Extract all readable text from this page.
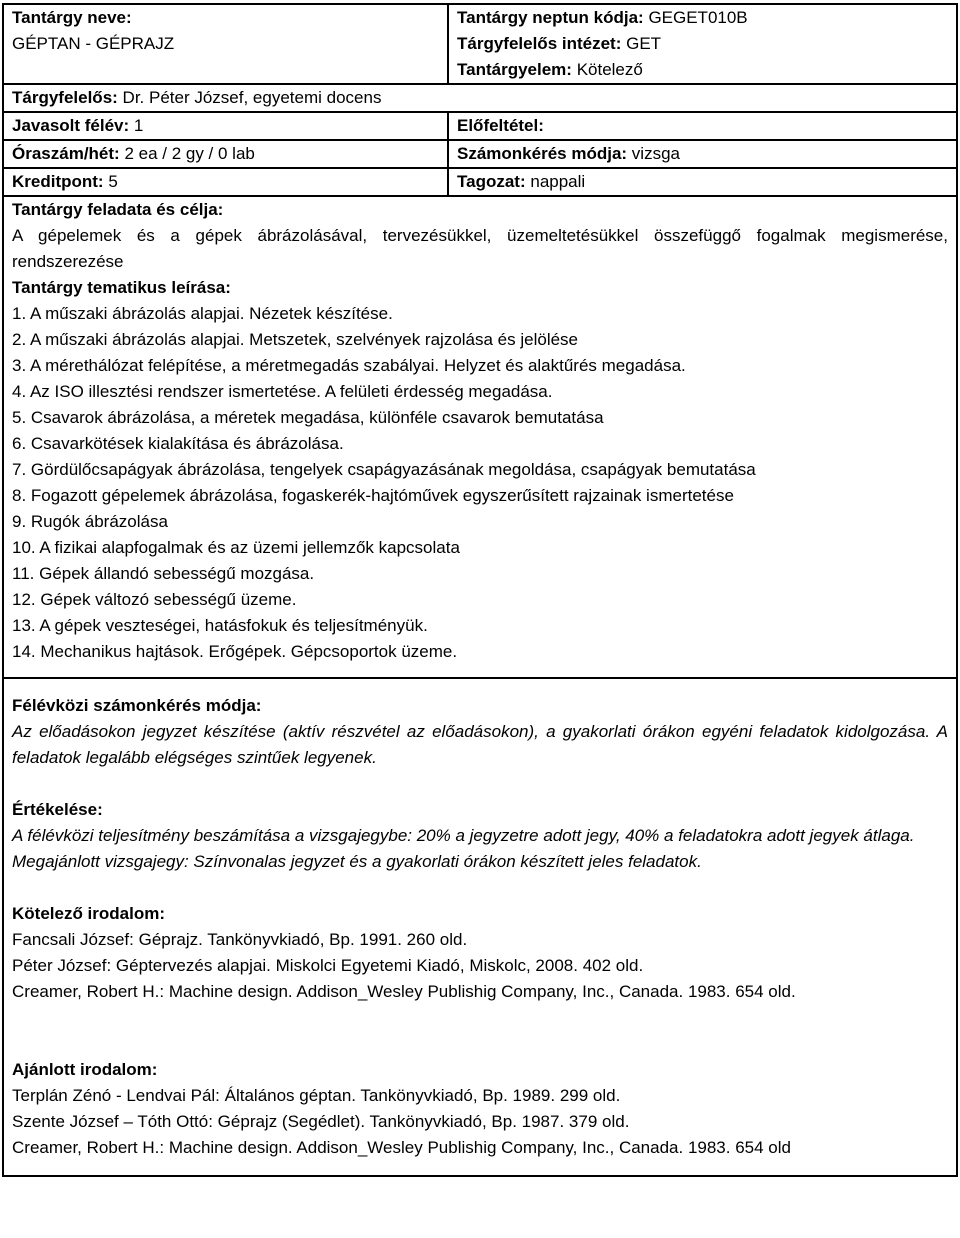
Tantárgy neve:
GÉPTAN - GÉPRAJZ
Tantárgy neptun kódja: GEGET010B
Tárgyfelelős intézet: GET
Tantárgyelem: Kötelező
Tárgyfelelős: Dr. Péter József, egyetemi docens
Javasolt félév: 1	Előfeltétel:
Óraszám/hét: 2 ea / 2 gy / 0 lab	Számonkérés módja: vizsga
Kreditpont: 5	Tagozat: nappali
Tantárgy feladata és célja:
A gépelemek és a gépek ábrázolásával, tervezésükkel, üzemeltetésükkel összefüggő fogalmak megismerése, rendszerezése
Tantárgy tematikus leírása:
1. A műszaki ábrázolás alapjai. Nézetek készítése.
2. A műszaki ábrázolás alapjai. Metszetek, szelvények rajzolása és jelölése
3. A mérethálózat felépítése, a méretmegadás szabályai. Helyzet és alaktűrés megadása.
4. Az ISO illesztési rendszer ismertetése. A felületi érdesség megadása.
5. Csavarok ábrázolása, a méretek megadása, különféle csavarok bemutatása
6. Csavarkötések kialakítása és ábrázolása.
7. Gördülőcsapágyak ábrázolása, tengelyek csapágyazásának megoldása, csapágyak bemutatása
8. Fogazott gépelemek ábrázolása, fogaskerék-hajtóművek egyszerűsített rajzainak ismertetése
9. Rugók ábrázolása
10. A fizikai alapfogalmak és az üzemi jellemzők kapcsolata
11. Gépek állandó sebességű mozgása.
12. Gépek változó sebességű üzeme.
13. A gépek veszteségei, hatásfokuk és teljesítményük.
14. Mechanikus hajtások. Erőgépek. Gépcsoportok üzeme.
Félévközi számonkérés módja:
Az előadásokon jegyzet készítése (aktív részvétel az előadásokon), a gyakorlati órákon egyéni feladatok kidolgozása. A feladatok legalább elégséges szintűek legyenek.
Értékelése:
A félévközi teljesítmény beszámítása a vizsgajegybe: 20% a jegyzetre adott jegy, 40% a feladatokra adott jegyek átlaga.
Megajánlott vizsgajegy: Színvonalas jegyzet és a gyakorlati órákon készített jeles feladatok.
Kötelező irodalom:
Fancsali József: Géprajz. Tankönyvkiadó, Bp. 1991. 260 old.
Péter József: Géptervezés alapjai. Miskolci Egyetemi Kiadó, Miskolc, 2008. 402 old.
Creamer, Robert H.: Machine design. Addison_Wesley Publishig Company, Inc., Canada. 1983. 654 old.
Ajánlott irodalom:
Terplán Zénó - Lendvai Pál: Általános géptan. Tankönyvkiadó, Bp. 1989. 299 old.
Szente József – Tóth Ottó: Géprajz (Segédlet). Tankönyvkiadó, Bp. 1987. 379 old.
Creamer, Robert H.: Machine design. Addison_Wesley Publishig Company, Inc., Canada. 1983. 654 old
